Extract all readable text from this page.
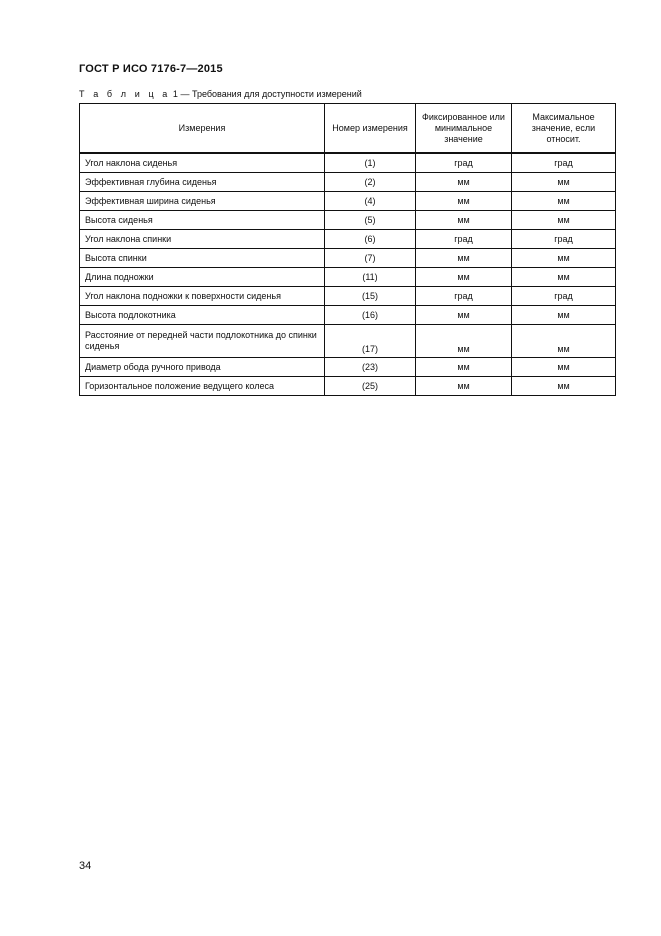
ГОСТ Р ИСО 7176-7—2015
Т а б л и ц а 1 — Требования для доступности измерений
Измерения	Номер измерения	Фиксированное или минимальное значение	Максимальное значение, если относит.
Угол наклона сиденья	(1)	град	град
Эффективная глубина сиденья	(2)	мм	мм
Эффективная ширина сиденья	(4)	мм	мм
Высота сиденья	(5)	мм	мм
Угол наклона спинки	(6)	град	град
Высота спинки	(7)	мм	мм
Длина подножки	(11)	мм	мм
Угол наклона подножки к поверхности сиденья	(15)	град	град
Высота подлокотника	(16)	мм	мм
Расстояние от передней части подлокотника до спинки сиденья	(17)	мм	мм
Диаметр обода ручного привода	(23)	мм	мм
Горизонтальное положение ведущего колеса	(25)	мм	мм
34
